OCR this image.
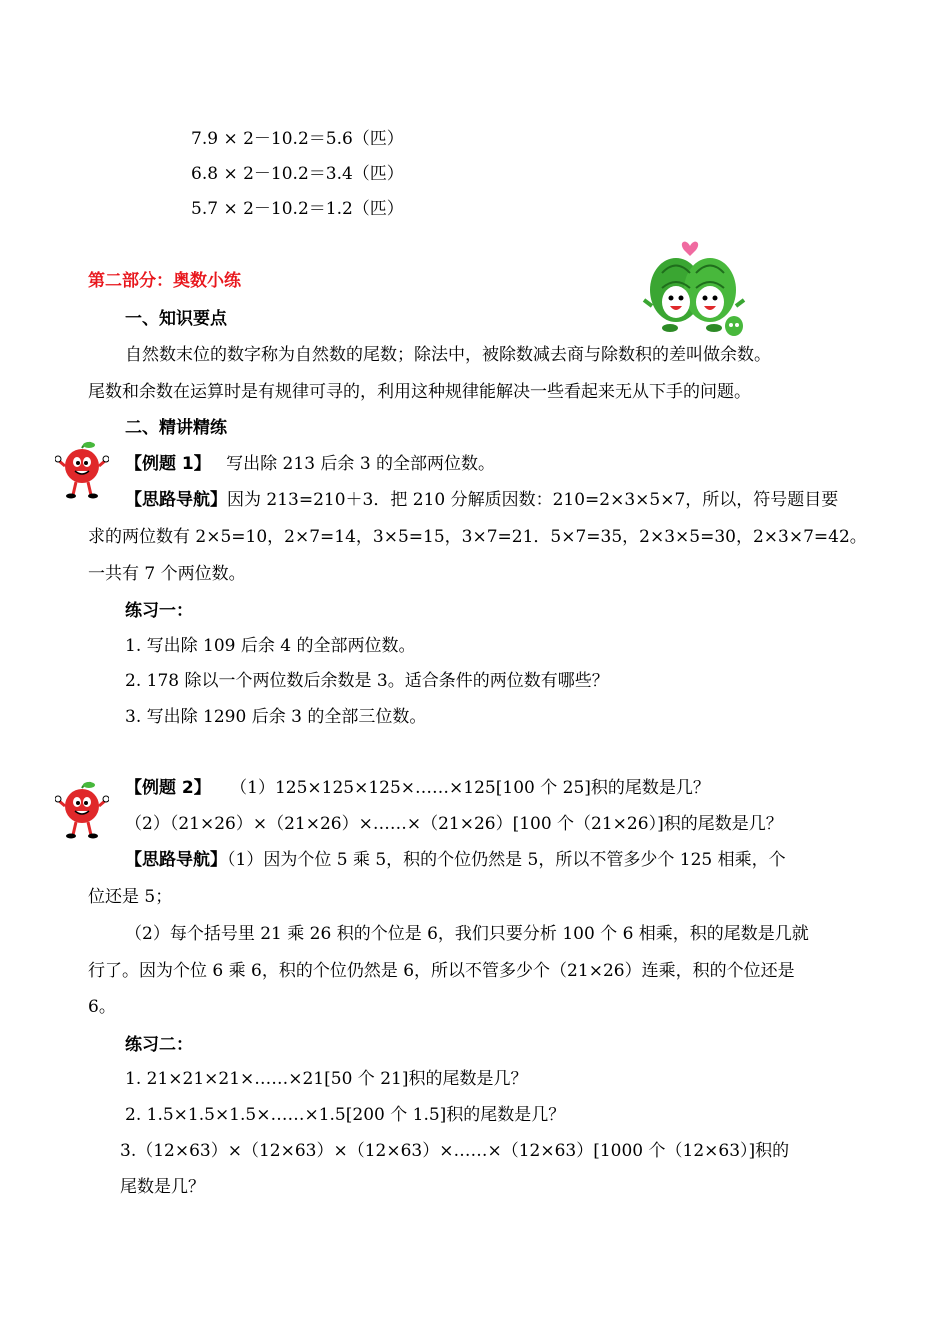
7.9 × 2－10.2＝5.6（匹）
6.8 × 2－10.2＝3.4（匹）
5.7 × 2－10.2＝1.2（匹）
第二部分：奥数小练
一、知识要点
自然数末位的数字称为自然数的尾数；除法中，被除数减去商与除数积的差叫做余数。
尾数和余数在运算时是有规律可寻的，利用这种规律能解决一些看起来无从下手的问题。
二、精讲精练
【例题 1】 写出除 213 后余 3 的全部两位数。
【思路导航】因为 213=210＋3．把 210 分解质因数：210=2×3×5×7，所以，符号题目要
求的两位数有 2×5=10，2×7=14，3×5=15，3×7=21．5×7=35，2×3×5=30，2×3×7=42。
一共有 7 个两位数。
练习一：
1. 写出除 109 后余 4 的全部两位数。
2. 178 除以一个两位数后余数是 3。适合条件的两位数有哪些？
3. 写出除 1290 后余 3 的全部三位数。
【例题 2】 （1）125×125×125×……×125[100 个 25]积的尾数是几？
（2）（21×26）×（21×26）×……×（21×26）[100 个（21×26）]积的尾数是几？
【思路导航】（1）因为个位 5 乘 5，积的个位仍然是 5，所以不管多少个 125 相乘，个
位还是 5；
（2）每个括号里 21 乘 26 积的个位是 6，我们只要分析 100 个 6 相乘，积的尾数是几就
行了。因为个位 6 乘 6，积的个位仍然是 6，所以不管多少个（21×26）连乘，积的个位还是
6。
练习二：
1. 21×21×21×……×21[50 个 21]积的尾数是几？
2. 1.5×1.5×1.5×……×1.5[200 个 1.5]积的尾数是几？
3.（12×63）×（12×63）×（12×63）×……×（12×63）[1000 个（12×63）]积的
尾数是几？
